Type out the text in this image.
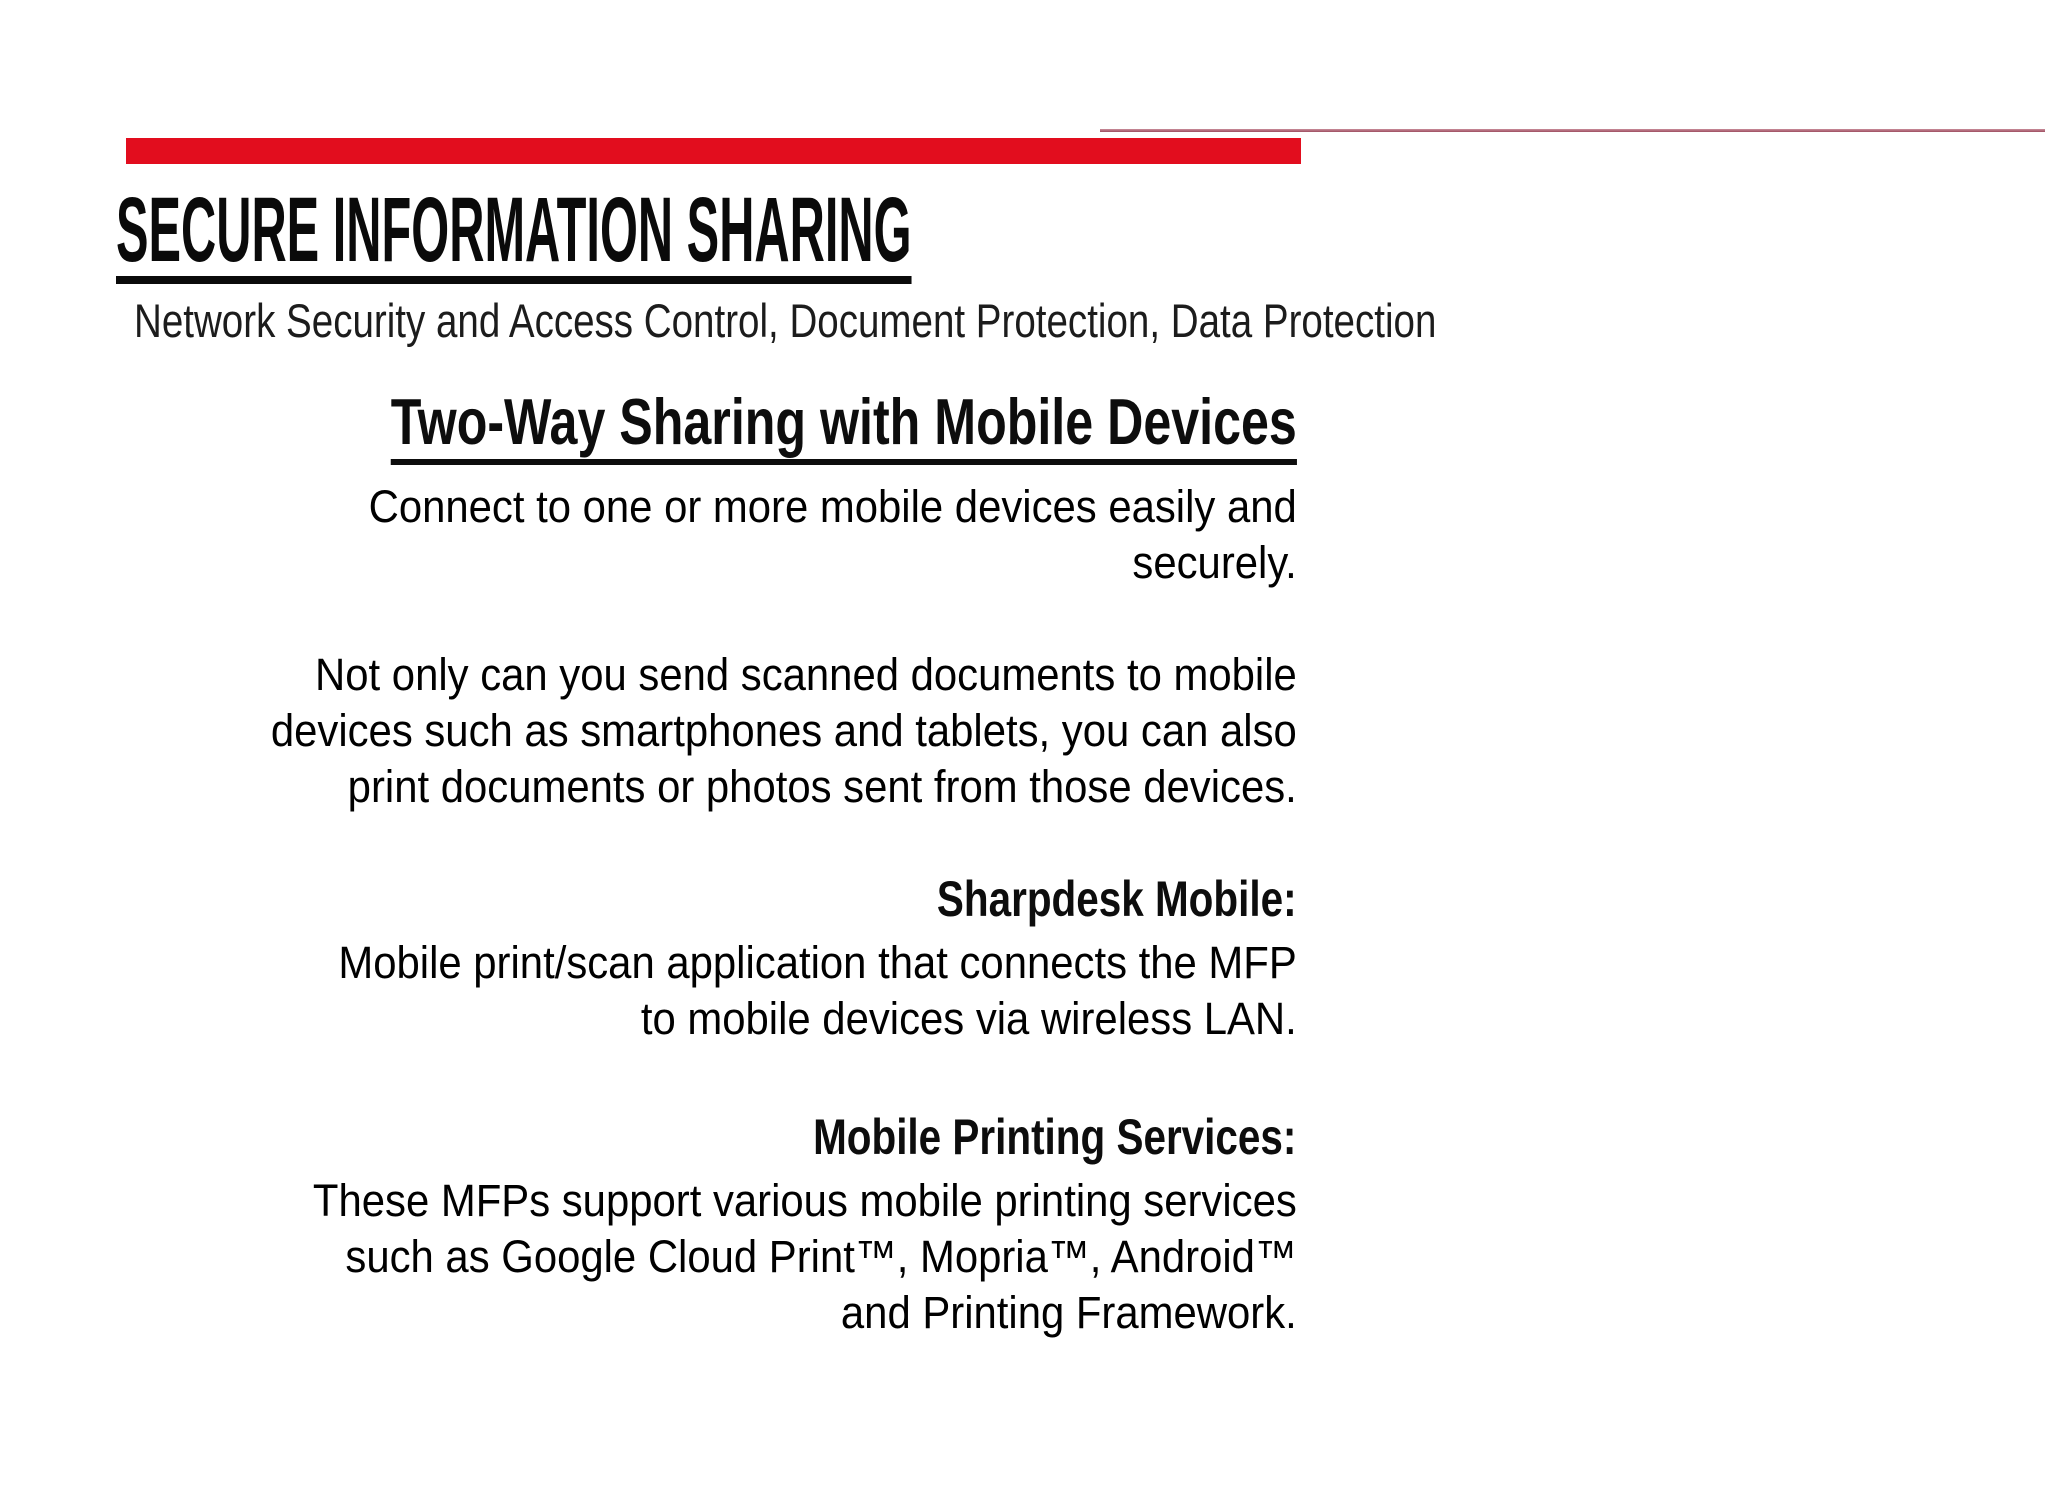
SECURE INFORMATION SHARING
Network Security and Access Control, Document Protection, Data Protection
Two-Way Sharing with Mobile Devices
Connect to one or more mobile devices easily and
securely.
Not only can you send scanned documents to mobile
devices such as smartphones and tablets, you can also
print documents or photos sent from those devices.
Sharpdesk Mobile:
Mobile print/scan application that connects the MFP
to mobile devices via wireless LAN.
Mobile Printing Services:
These MFPs support various mobile printing services
such as Google Cloud Print™, Mopria™, Android™
and Printing Framework.
